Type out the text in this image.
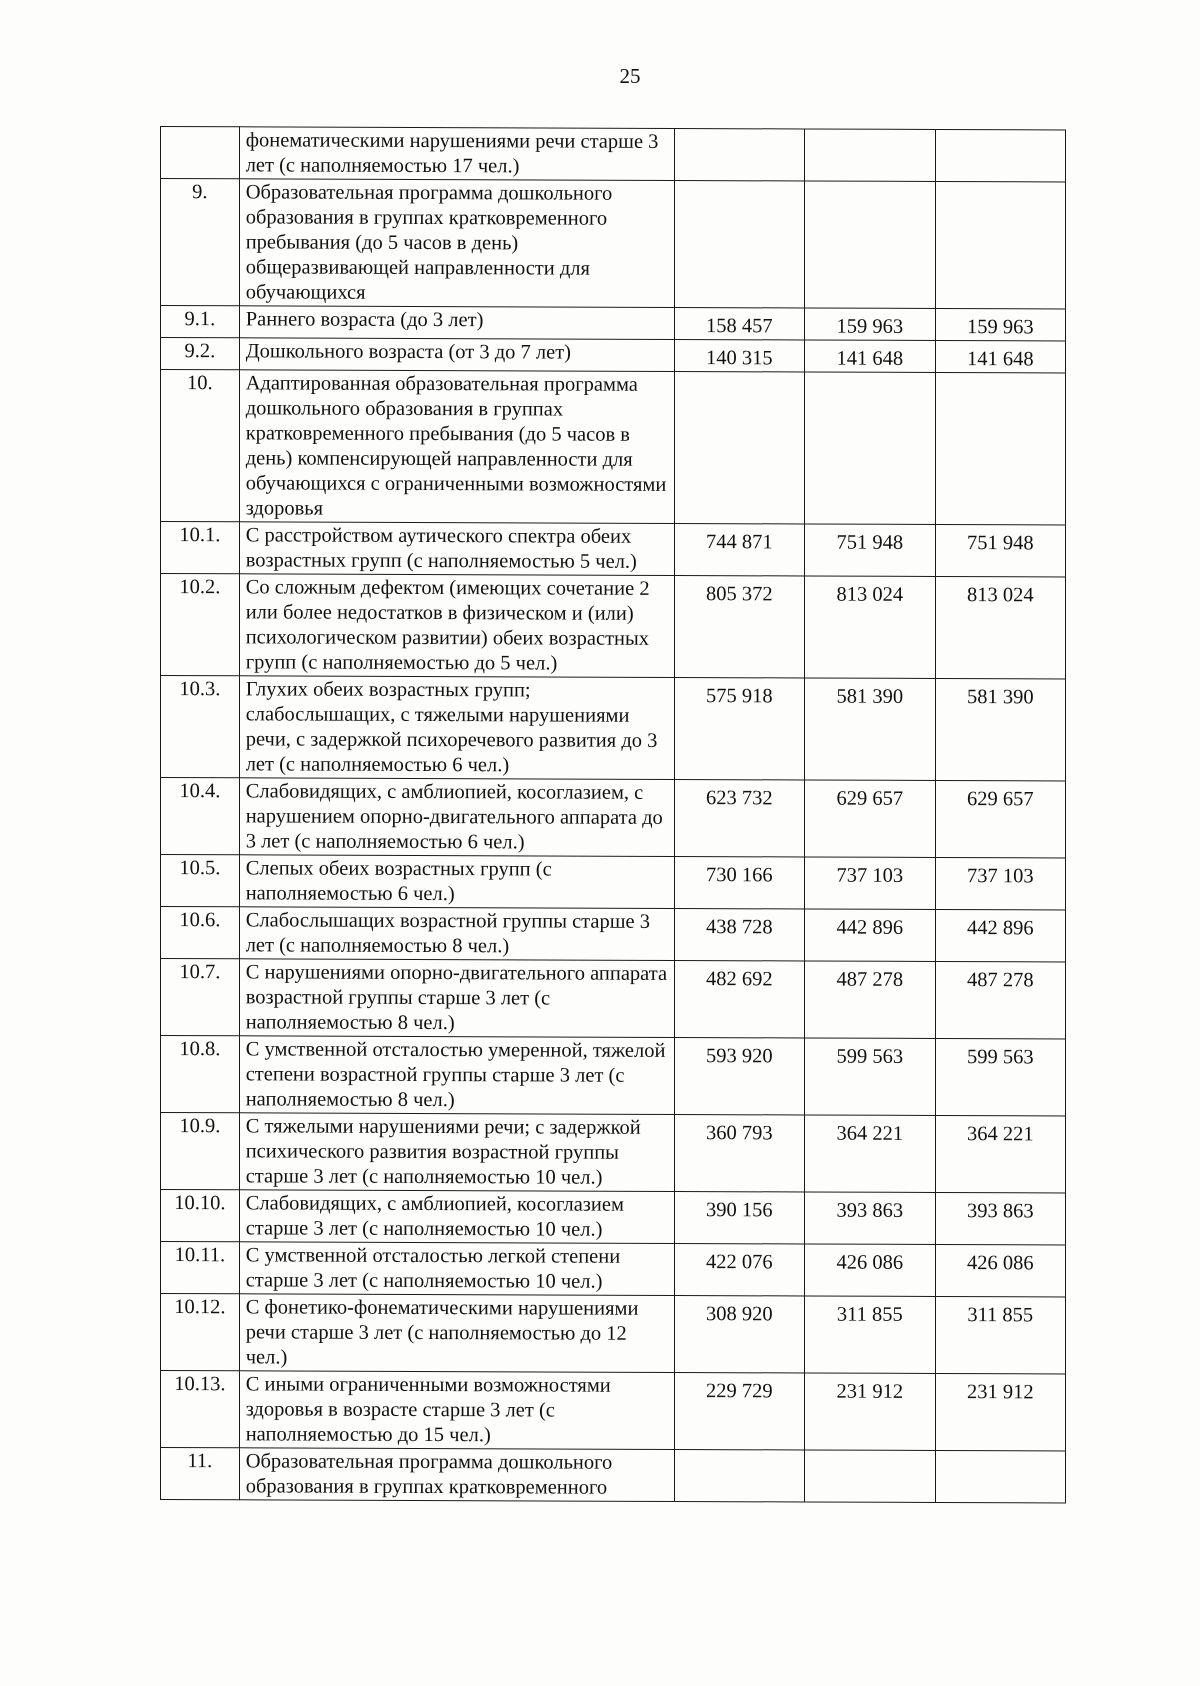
25
	фонематическими нарушениями речи старше 3 лет (с наполняемостью 17 чел.)			
9.	Образовательная программа дошкольного образования в группах кратковременного пребывания (до 5 часов в день) общеразвивающей направленности для обучающихся			
9.1.	Раннего возраста (до 3 лет)	158 457	159 963	159 963
9.2.	Дошкольного возраста (от 3 до 7 лет)	140 315	141 648	141 648
10.	Адаптированная образовательная программа дошкольного образования в группах кратковременного пребывания (до 5 часов в день) компенсирующей направленности для обучающихся с ограниченными возможностями здоровья			
10.1.	С расстройством аутического спектра обеих возрастных групп (с наполняемостью 5 чел.)	744 871	751 948	751 948
10.2.	Со сложным дефектом (имеющих сочетание 2 или более недостатков в физическом и (или) психологическом развитии) обеих возрастных групп (с наполняемостью до 5 чел.)	805 372	813 024	813 024
10.3.	Глухих обеих возрастных групп; слабослышащих, с тяжелыми нарушениями речи, с задержкой психоречевого развития до 3 лет (с наполняемостью 6 чел.)	575 918	581 390	581 390
10.4.	Слабовидящих, с амблиопией, косоглазием, с нарушением опорно-двигательного аппарата до 3 лет (с наполняемостью 6 чел.)	623 732	629 657	629 657
10.5.	Слепых обеих возрастных групп (с наполняемостью 6 чел.)	730 166	737 103	737 103
10.6.	Слабослышащих возрастной группы старше 3 лет (с наполняемостью 8 чел.)	438 728	442 896	442 896
10.7.	С нарушениями опорно-двигательного аппарата возрастной группы старше 3 лет (с наполняемостью 8 чел.)	482 692	487 278	487 278
10.8.	С умственной отсталостью умеренной, тяжелой степени возрастной группы старше 3 лет (с наполняемостью 8 чел.)	593 920	599 563	599 563
10.9.	С тяжелыми нарушениями речи; с задержкой психического развития возрастной группы старше 3 лет (с наполняемостью 10 чел.)	360 793	364 221	364 221
10.10.	Слабовидящих, с амблиопией, косоглазием старше 3 лет (с наполняемостью 10 чел.)	390 156	393 863	393 863
10.11.	С умственной отсталостью легкой степени старше 3 лет (с наполняемостью 10 чел.)	422 076	426 086	426 086
10.12.	С фонетико-фонематическими нарушениями речи старше 3 лет (с наполняемостью до 12 чел.)	308 920	311 855	311 855
10.13.	С иными ограниченными возможностями здоровья в возрасте старше 3 лет (с наполняемостью до 15 чел.)	229 729	231 912	231 912
11.	Образовательная программа дошкольного образования в группах кратковременного			
